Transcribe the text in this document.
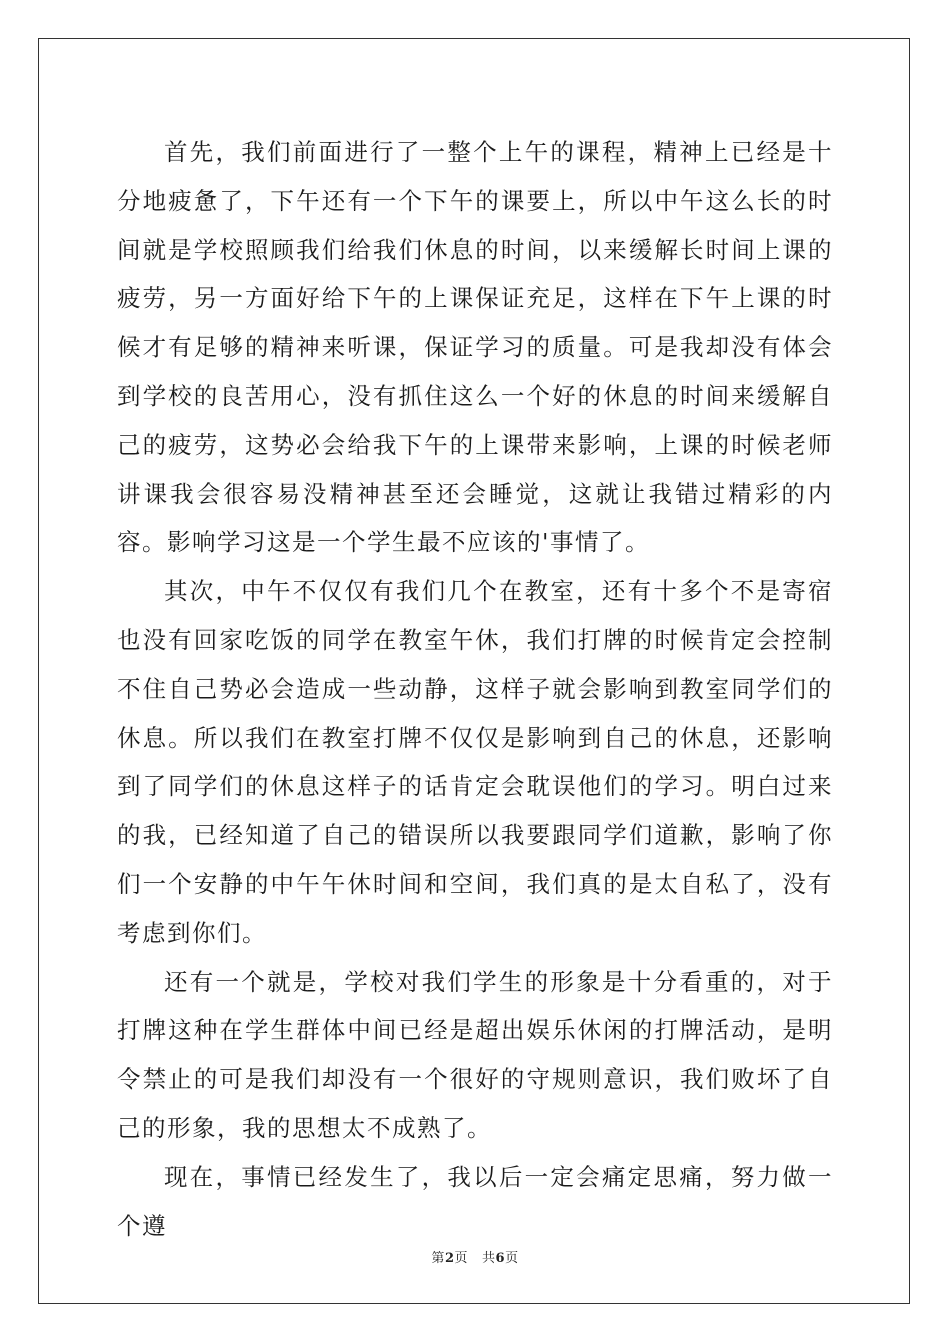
首先，我们前面进行了一整个上午的课程，精神上已经是十分地疲惫了，下午还有一个下午的课要上，所以中午这么长的时间就是学校照顾我们给我们休息的时间，以来缓解长时间上课的疲劳，另一方面好给下午的上课保证充足，这样在下午上课的时候才有足够的精神来听课，保证学习的质量。可是我却没有体会到学校的良苦用心，没有抓住这么一个好的休息的时间来缓解自己的疲劳，这势必会给我下午的上课带来影响，上课的时候老师讲课我会很容易没精神甚至还会睡觉，这就让我错过精彩的内容。影响学习这是一个学生最不应该的'事情了。

其次，中午不仅仅有我们几个在教室，还有十多个不是寄宿也没有回家吃饭的同学在教室午休，我们打牌的时候肯定会控制不住自己势必会造成一些动静，这样子就会影响到教室同学们的休息。所以我们在教室打牌不仅仅是影响到自己的休息，还影响到了同学们的休息这样子的话肯定会耽误他们的学习。明白过来的我，已经知道了自己的错误所以我要跟同学们道歉，影响了你们一个安静的中午午休时间和空间，我们真的是太自私了，没有考虑到你们。

还有一个就是，学校对我们学生的形象是十分看重的，对于打牌这种在学生群体中间已经是超出娱乐休闲的打牌活动，是明令禁止的可是我们却没有一个很好的守规则意识，我们败坏了自己的形象，我的思想太不成熟了。

现在，事情已经发生了，我以后一定会痛定思痛，努力做一个遵

第2页 共6页
